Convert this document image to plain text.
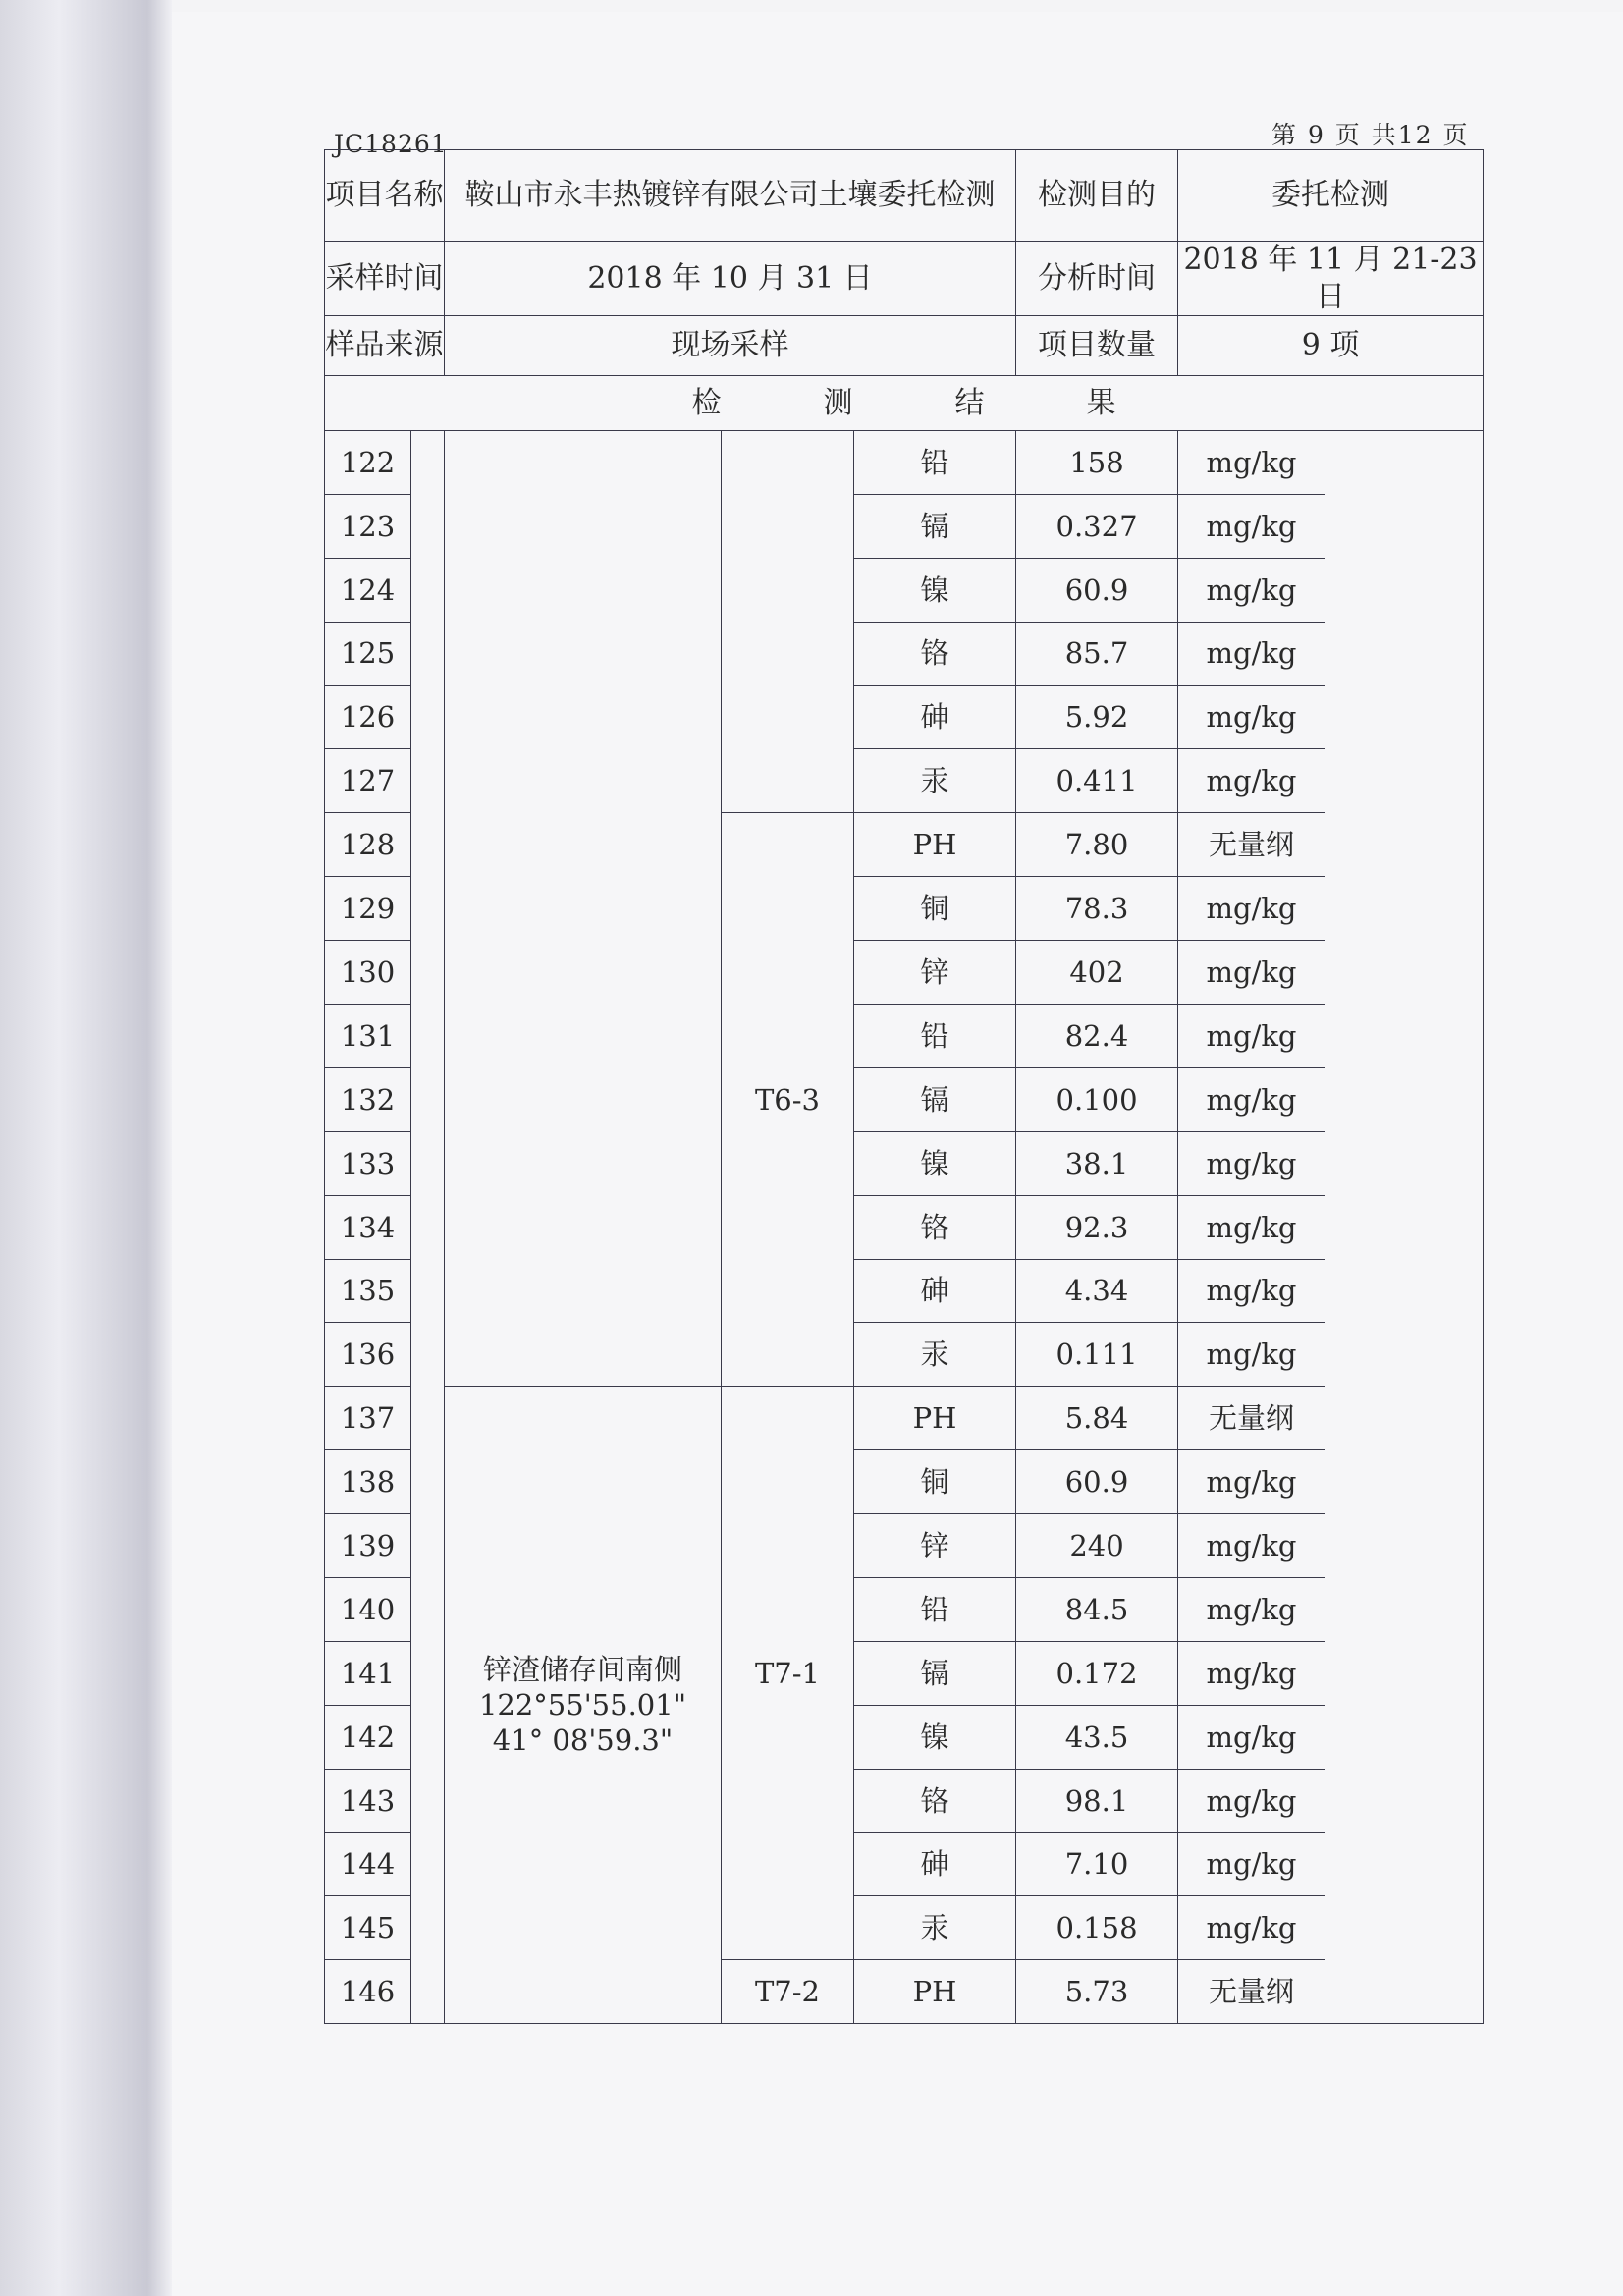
JC18261	第 9 页 共12 页
项目名称		鞍山市永丰热镀锌有限公司土壤委托检测			检测目的	委托检测	
采样时间		2018 年 10 月 31 日			分析时间	2018 年 11 月 21-23 日	
样品来源		现场采样			项目数量	9 项	
检 测 结 果							
122				铅	158	mg/kg	
123				镉	0.327	mg/kg	
124				镍	60.9	mg/kg	
125				铬	85.7	mg/kg	
126				砷	5.92	mg/kg	
127				汞	0.411	mg/kg	
128			T6-3	PH	7.80	无量纲	
129				铜	78.3	mg/kg	
130				锌	402	mg/kg	
131				铅	82.4	mg/kg	
132				镉	0.100	mg/kg	
133				镍	38.1	mg/kg	
134				铬	92.3	mg/kg	
135				砷	4.34	mg/kg	
136				汞	0.111	mg/kg	
137		锌渣储存间南侧
122°55'55.01"
41° 08'59.3"	T7-1	PH	5.84	无量纲	
138				铜	60.9	mg/kg	
139				锌	240	mg/kg	
140				铅	84.5	mg/kg	
141				镉	0.172	mg/kg	
142				镍	43.5	mg/kg	
143				铬	98.1	mg/kg	
144				砷	7.10	mg/kg	
145				汞	0.158	mg/kg	
146			T7-2	PH	5.73	无量纲	
